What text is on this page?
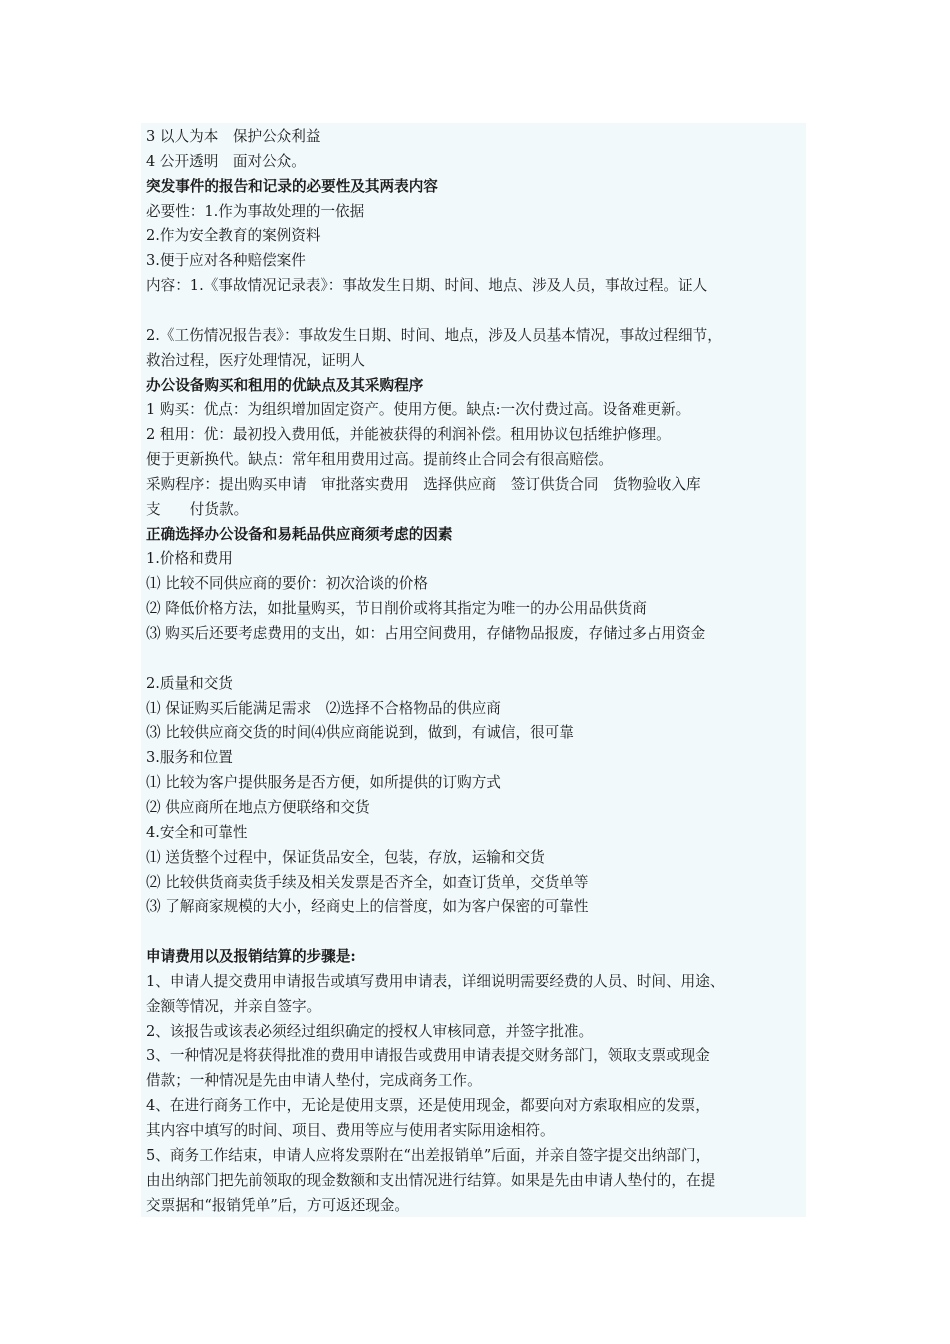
3 以人为本　保护公众利益
4 公开透明　面对公众。
突发事件的报告和记录的必要性及其两表内容
必要性：1.作为事故处理的一依据
2.作为安全教育的案例资料
3.便于应对各种赔偿案件
内容：1.《事故情况记录表》：事故发生日期、时间、地点、涉及人员，事故过程。证人
2.《工伤情况报告表》：事故发生日期、时间、地点，涉及人员基本情况，事故过程细节，
救治过程，医疗处理情况，证明人
办公设备购买和租用的优缺点及其采购程序
1 购买：优点：为组织增加固定资产。使用方便。缺点:一次付费过高。设备难更新。
2 租用：优：最初投入费用低，并能被获得的利润补偿。租用协议包括维护修理。
便于更新换代。缺点：常年租用费用过高。提前终止合同会有很高赔偿。
采购程序：提出购买申请　审批落实费用　选择供应商　签订供货合同　货物验收入库
支　　付货款。
正确选择办公设备和易耗品供应商须考虑的因素
1.价格和费用
⑴ 比较不同供应商的要价：初次洽谈的价格
⑵ 降低价格方法，如批量购买，节日削价或将其指定为唯一的办公用品供货商
⑶ 购买后还要考虑费用的支出，如：占用空间费用，存储物品报废，存储过多占用资金
2.质量和交货
⑴ 保证购买后能满足需求　⑵选择不合格物品的供应商
⑶ 比较供应商交货的时间⑷供应商能说到，做到，有诚信，很可靠
3.服务和位置
⑴ 比较为客户提供服务是否方便，如所提供的订购方式
⑵ 供应商所在地点方便联络和交货
4.安全和可靠性
⑴ 送货整个过程中，保证货品安全，包装，存放，运输和交货
⑵ 比较供货商卖货手续及相关发票是否齐全，如查订货单，交货单等
⑶ 了解商家规模的大小，经商史上的信誉度，如为客户保密的可靠性
申请费用以及报销结算的步骤是:
1、申请人提交费用申请报告或填写费用申请表，详细说明需要经费的人员、时间、用途、
金额等情况，并亲自签字。
2、该报告或该表必须经过组织确定的授权人审核同意，并签字批准。
3、一种情况是将获得批准的费用申请报告或费用申请表提交财务部门，领取支票或现金
借款；一种情况是先由申请人垫付，完成商务工作。
4、在进行商务工作中，无论是使用支票，还是使用现金，都要向对方索取相应的发票，
其内容中填写的时间、项目、费用等应与使用者实际用途相符。
5、商务工作结束，申请人应将发票附在“出差报销单”后面，并亲自签字提交出纳部门，
由出纳部门把先前领取的现金数额和支出情况进行结算。如果是先由申请人垫付的，在提
交票据和“报销凭单”后，方可返还现金。
